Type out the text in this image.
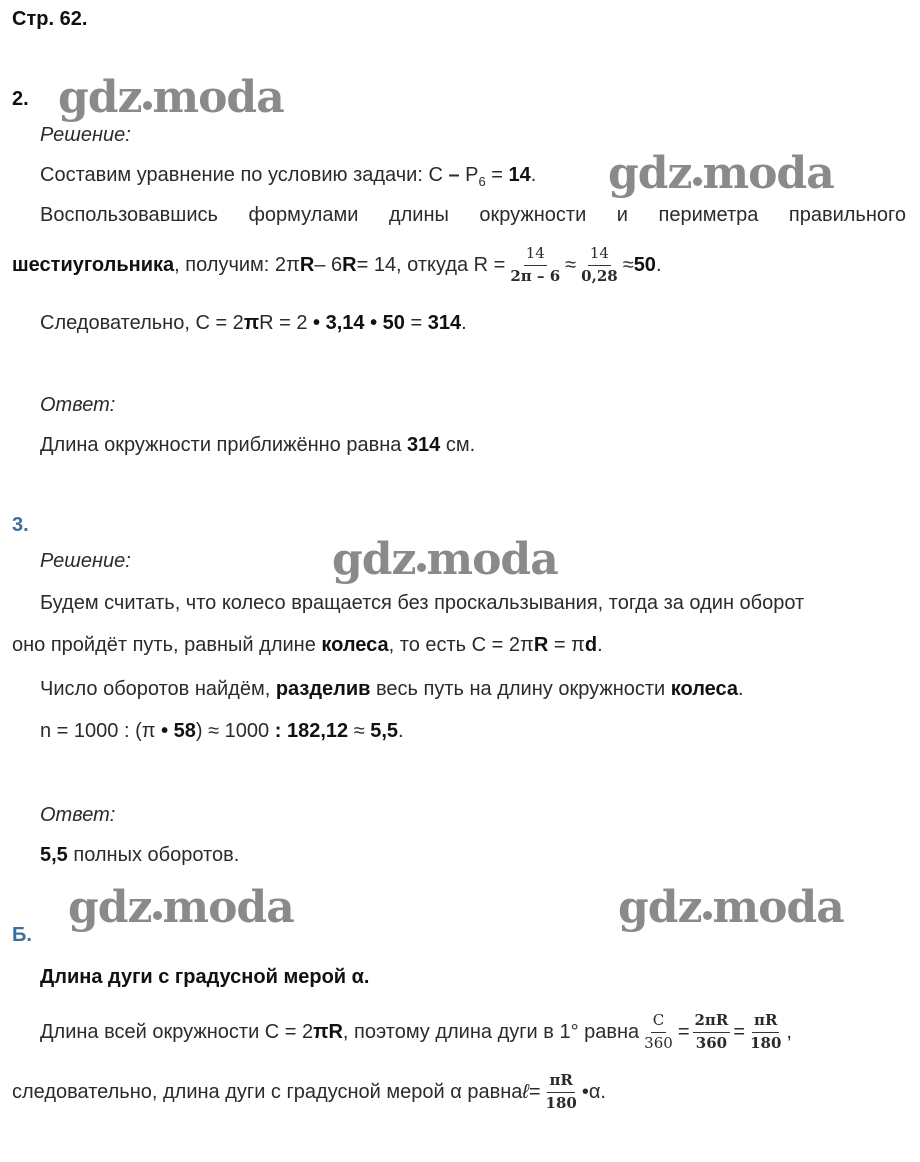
Стр. 62.
2. gdz moda
Решение:
Составим уравнение по условию задачи: $C - P_6 = 14$. gdz moda
Воспользовавшись формулами длины окружности и периметра правильного
шестиугольника , получим: 2π R – 6 R = 14, откуда $R = \frac{14}{2\pi - 6} \approx \frac{14}{0,28} \approx 50$ .
Следовательно, C = 2πR = 2 • 3,14 • 50 = 314.
Ответ:
Длина окружности приближённо равна 314 см.
3.
Решение:	gdz moda
Будем считать, что колесо вращается без проскальзывания, тогда за один оборот
оно пройдёт путь, равный длине колеса, то есть C = 2πR = πd.
Число оборотов найдём, разделив весь путь на длину окружности колеса.
n = 1000 : (π • 58) ≈ 1000 : 182,12 ≈ 5,5.
Ответ:
5,5 полных оборотов.
gdz moda	gdz moda
Б.
Длина дуги с градусной мерой α.
Длина всей окружности C = 2 πR , поэтому длина дуги в 1° равна $\frac{C}{360} = \frac{2\pi R}{360} = \frac{\pi R}{180}$ ,
следовательно, длина дуги с градусной мерой α равна ℓ = $\frac{\pi R}{180}$ • α .
